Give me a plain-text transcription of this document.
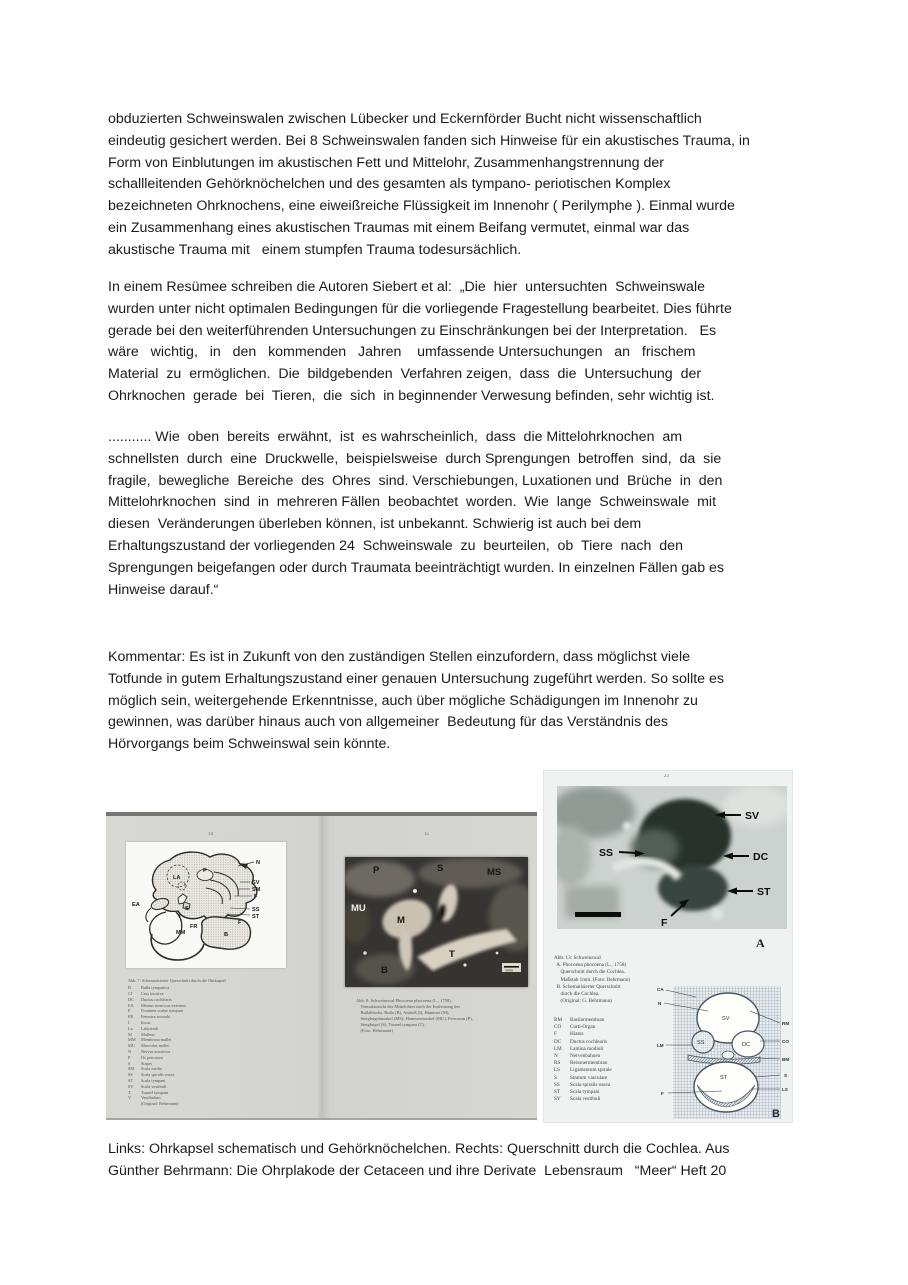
obduzierten Schweinswalen zwischen Lübecker und Eckernförder Bucht nicht wissenschaftlich
eindeutig gesichert werden. Bei 8 Schweinswalen fanden sich Hinweise für ein akustisches Trauma, in
Form von Einblutungen im akustischen Fett und Mittelohr, Zusammenhangstrennung der
schallleitenden Gehörknöchelchen und des gesamten als tympano- periotischen Komplex
bezeichneten Ohrknochens, eine eiweißreiche Flüssigkeit im Innenohr ( Perilymphe ). Einmal wurde
ein Zusammenhang eines akustischen Traumas mit einem Beifang vermutet, einmal war das
akustische Trauma mit   einem stumpfen Trauma todesursächlich.
In einem Resümee schreiben die Autoren Siebert et al:  „Die  hier  untersuchten  Schweinswale
wurden unter nicht optimalen Bedingungen für die vorliegende Fragestellung bearbeitet. Dies führte
gerade bei den weiterführenden Untersuchungen zu Einschränkungen bei der Interpretation.   Es
wäre   wichtig,   in   den   kommenden   Jahren    umfassende Untersuchungen   an   frischem
Material  zu  ermöglichen.  Die  bildgebenden  Verfahren zeigen,  dass  die  Untersuchung  der
Ohrknochen  gerade  bei  Tieren,  die  sich  in beginnender Verwesung befinden, sehr wichtig ist.
........... Wie  oben  bereits  erwähnt,  ist  es wahrscheinlich,  dass  die Mittelohrknochen  am
schnellsten  durch  eine  Druckwelle,  beispielsweise  durch Sprengungen  betroffen  sind,  da  sie
fragile,  bewegliche  Bereiche  des  Ohres  sind. Verschiebungen, Luxationen und  Brüche  in  den
Mittelohrknochen  sind  in  mehreren Fällen  beobachtet  worden.  Wie  lange  Schweinswale  mit
diesen  Veränderungen überleben können, ist unbekannt. Schwierig ist auch bei dem
Erhaltungszustand der vorliegenden 24  Schweinswale  zu  beurteilen,  ob  Tiere  nach  den
Sprengungen beigefangen oder durch Traumata beeinträchtigt wurden. In einzelnen Fällen gab es
Hinweise darauf.“
Kommentar: Es ist in Zukunft von den zuständigen Stellen einzufordern, dass möglichst viele
Totfunde in gutem Erhaltungszustand einer genauen Untersuchung zugeführt werden. So sollte es
möglich sein, weitergehende Erkenntnisse, auch über mögliche Schädigungen im Innenohr zu
gewinnen, was darüber hinaus auch von allgemeiner  Bedeutung für das Verständnis des
Hörvorgangs beim Schweinswal sein könnte.
14
N
SV
SM
F
SS
ST
F
FR
B
MM
EA
I
S
LA
P
Abb. 7: Schematisierter Querschnitt durch die Ohrkapsel
B	Bulla tympanica
CI	Crus incisiva
DC	Ductus cochlearis
EA	Meatus acusticus externus
F	Foramen scalae tympani
FR	Fenestra rotunda
I	Incus
La	Labyrinth
M	Malleus
MM	Membrana mallei
MU	Musculus mallei
N	Nervus acusticus
P	Os petrosum
S	Stapes
SM	Scala media
SS	Scala spiralis ossea
ST	Scala tympani
SV	Scala vestibuli
T	Tunnel tympani
V	Vestibulum
(Original: Behrmann)
15
P	S	MS
MU
M
I
T
B	1mm
Abb. 8: Schweinswal Phocoena phocoena (L., 1758).
Ventralansicht des Mittelohres nach der Entfernung des
Bullablocks. Bulla (B), Amboß (I), Hammer (M),
Steigbügelmuskel (MS), Hammermuskel (MU), Petrosum (P),
Steigbügel (S), Tunnel tympani (T).
(Foto: Behrmann)
23
SV
DC
SS
ST
F
A
Abb. 13: Schweinswal
A. Phocoena phocoena (L., 1758)
Querschnitt durch die Cochlea.
Maßstab 1mm. (Foto: Behrmann)
B. Schematisierter Querschnitt
durch die Cochlea.
(Original: G. Behrmann)
BM	Basilarmembran
CO	Corti-Organ
F	Hiatus
DC	Ductus cochlearis
LM	Lamina modioli
N	Nervenbahnen
RS	Reissnermembran
LS	Ligamentum spirale
S	Stratum vasculare
SS	Scala spiralis ossea
ST	Scala tympani
SV	Scala vestibuli
CA
N
LM
F
RM
CO
BM
S
LS
SV
SS	DC
ST
B
Links: Ohrkapsel schematisch und Gehörknöchelchen. Rechts: Querschnitt durch die Cochlea. Aus
Günther Behrmann: Die Ohrplakode der Cetaceen und ihre Derivate  Lebensraum   “Meer“ Heft 20
